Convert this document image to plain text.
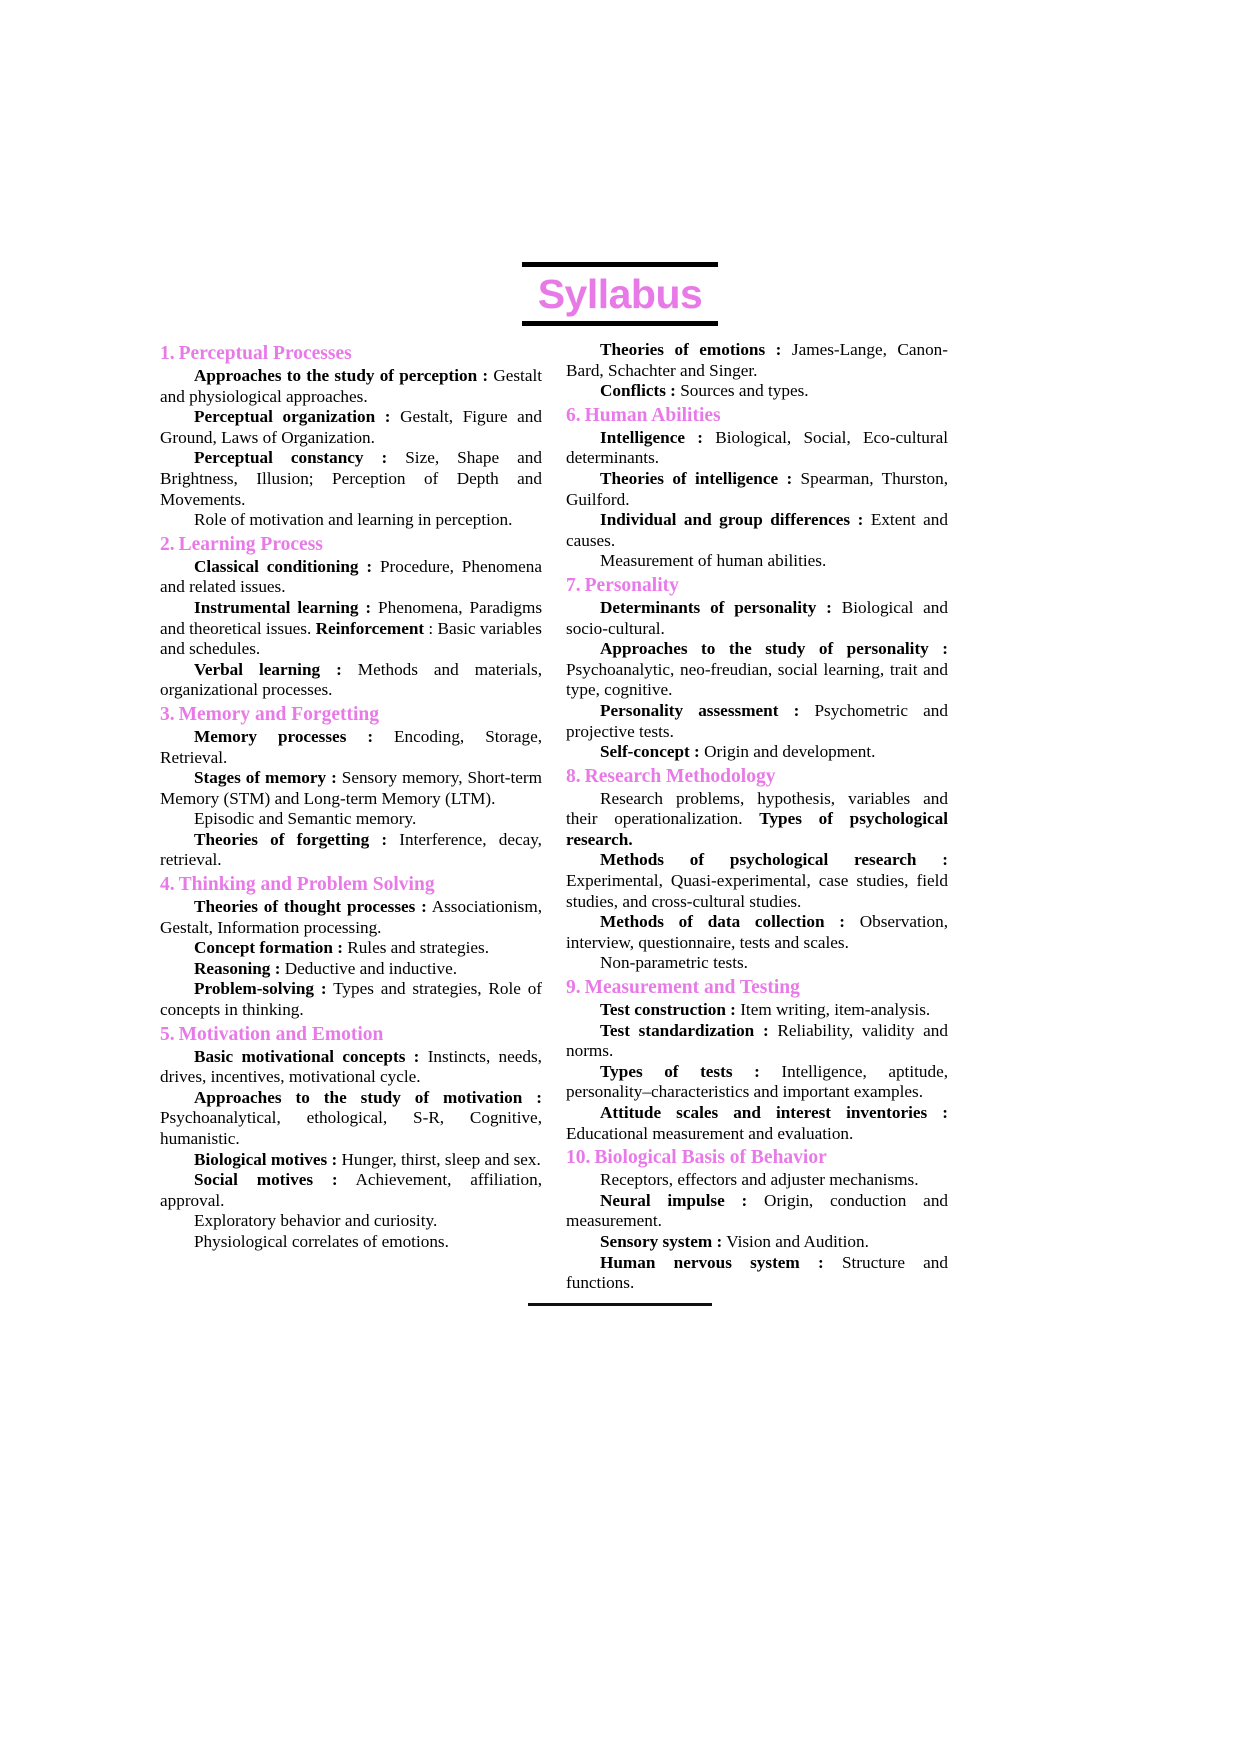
Syllabus
1. Perceptual Processes

Approaches to the study of perception : Gestalt and physiological approaches.

Perceptual organization : Gestalt, Figure and Ground, Laws of Organization.

Perceptual constancy : Size, Shape and Brightness, Illusion; Perception of Depth and Movements.

Role of motivation and learning in perception.

2. Learning Process

Classical conditioning : Procedure, Phenomena and related issues.

Instrumental learning : Phenomena, Paradigms and theoretical issues. Reinforcement : Basic variables and schedules.

Verbal learning : Methods and materials, organizational processes.

3. Memory and Forgetting

Memory processes : Encoding, Storage, Retrieval.

Stages of memory : Sensory memory, Short-term Memory (STM) and Long-term Memory (LTM).

Episodic and Semantic memory.

Theories of forgetting : Interference, decay, retrieval.

4. Thinking and Problem Solving

Theories of thought processes : Associationism, Gestalt, Information processing.

Concept formation : Rules and strategies.

Reasoning : Deductive and inductive.

Problem-solving : Types and strategies, Role of concepts in thinking.

5. Motivation and Emotion

Basic motivational concepts : Instincts, needs, drives, incentives, motivational cycle.

Approaches to the study of motivation : Psychoanalytical, ethological, S-R, Cognitive, humanistic.

Biological motives : Hunger, thirst, sleep and sex.

Social motives : Achievement, affiliation, approval.

Exploratory behavior and curiosity.

Physiological correlates of emotions.

Theories of emotions : James-Lange, Canon-Bard, Schachter and Singer.

Conflicts : Sources and types.

6. Human Abilities

Intelligence : Biological, Social, Eco-cultural determinants.

Theories of intelligence : Spearman, Thurston, Guilford.

Individual and group differences : Extent and causes.

Measurement of human abilities.

7. Personality

Determinants of personality : Biological and socio-cultural.

Approaches to the study of personality : Psychoanalytic, neo-freudian, social learning, trait and type, cognitive.

Personality assessment : Psychometric and projective tests.

Self-concept : Origin and development.

8. Research Methodology

Research problems, hypothesis, variables and their operationalization. Types of psychological research.

Methods of psychological research : Experimental, Quasi-experimental, case studies, field studies, and cross-cultural studies.

Methods of data collection : Observation, interview, questionnaire, tests and scales.

Non-parametric tests.

9. Measurement and Testing

Test construction : Item writing, item-analysis.

Test standardization : Reliability, validity and norms.

Types of tests : Intelligence, aptitude, personality–characteristics and important examples.

Attitude scales and interest inventories : Educational measurement and evaluation.

10. Biological Basis of Behavior

Receptors, effectors and adjuster mechanisms.

Neural impulse : Origin, conduction and measurement.

Sensory system : Vision and Audition.

Human nervous system : Structure and functions.
